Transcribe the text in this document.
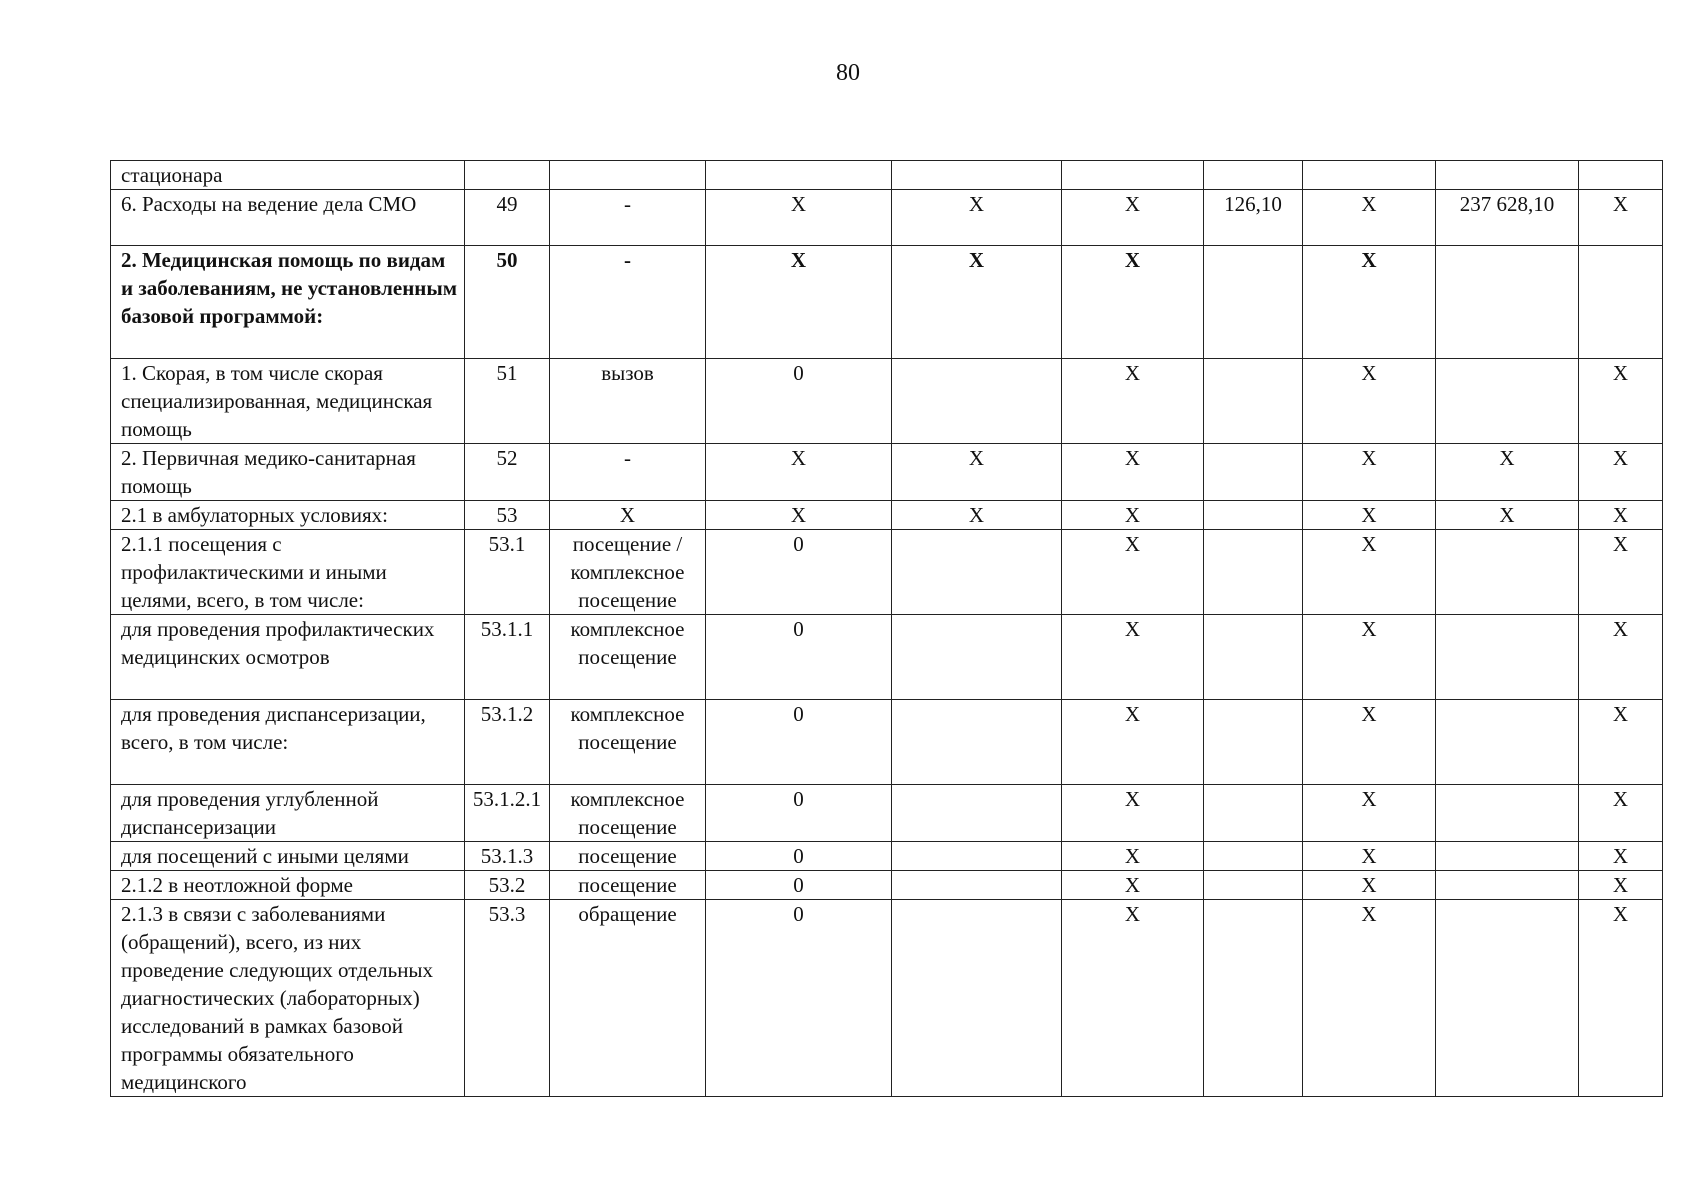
80
стационара									
6. Расходы на ведение дела СМО	49	-	X	X	X	126,10	X	237 628,10	X
2. Медицинская помощь по видам и заболеваниям, не установленным базовой программой:	50	-	X	X	X		X		
1. Скорая, в том числе скорая специализированная, медицинская помощь	51	вызов	0		X		X		X
2. Первичная медико-санитарная помощь	52	-	X	X	X		X	X	X
2.1 в амбулаторных условиях:	53	X	X	X	X		X	X	X
2.1.1 посещения с профилактическими и иными целями, всего, в том числе:	53.1	посещение / комплексное посещение	0		X		X		X
для проведения профилактических медицинских осмотров	53.1.1	комплексное посещение	0		X		X		X
для проведения диспансеризации, всего, в том числе:	53.1.2	комплексное посещение	0		X		X		X
для проведения углубленной диспансеризации	53.1.2.1	комплексное посещение	0		X		X		X
для посещений с иными целями	53.1.3	посещение	0		X		X		X
2.1.2 в неотложной форме	53.2	посещение	0		X		X		X
2.1.3 в связи с заболеваниями (обращений), всего, из них проведение следующих отдельных диагностических (лабораторных) исследований в рамках базовой программы обязательного медицинского	53.3	обращение	0		X		X		X
